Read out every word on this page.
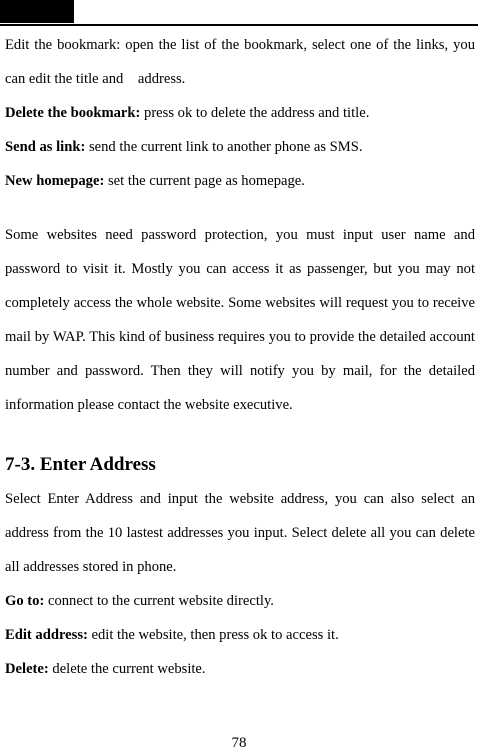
Edit the bookmark: open the list of the bookmark, select one of the links, you can edit the title and    address.

Delete the bookmark: press ok to delete the address and title.

Send as link: send the current link to another phone as SMS.

New homepage: set the current page as homepage.

Some websites need password protection, you must input user name and password to visit it. Mostly you can access it as passenger, but you may not completely access the whole website. Some websites will request you to receive mail by WAP. This kind of business requires you to provide the detailed account number and password. Then they will notify you by mail, for the detailed information please contact the website executive.

7-3. Enter Address

Select Enter Address and input the website address, you can also select an address from the 10 lastest addresses you input. Select delete all you can delete all addresses stored in phone.

Go to: connect to the current website directly.

Edit address: edit the website, then press ok to access it.

Delete: delete the current website.

78
